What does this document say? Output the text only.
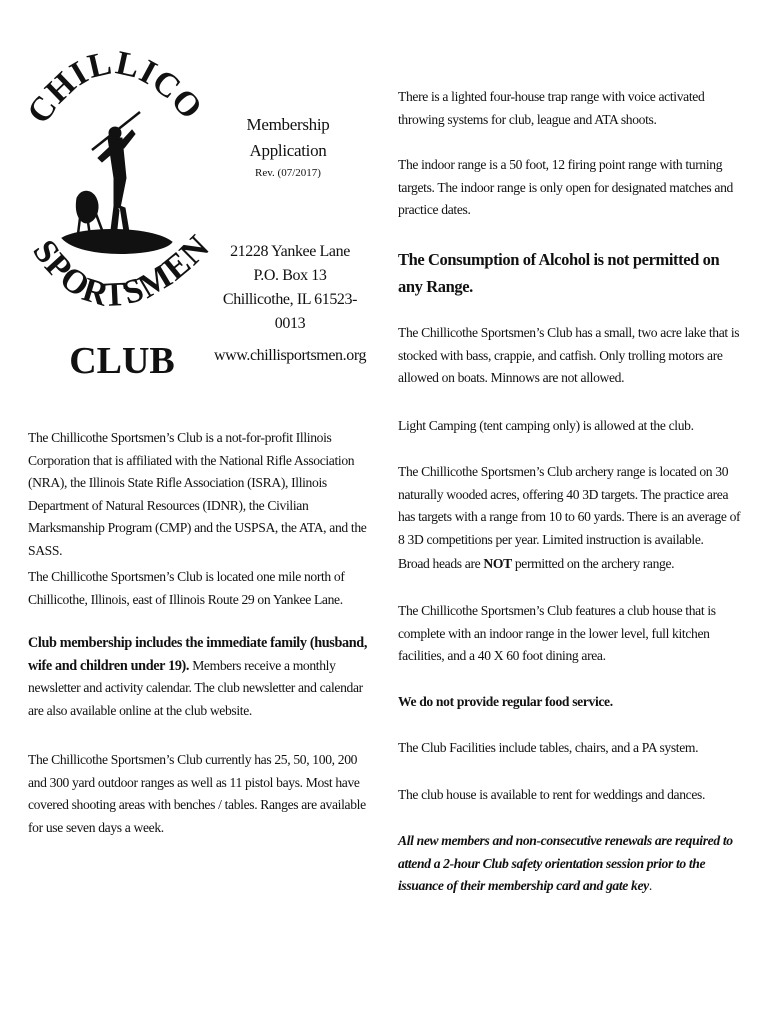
CHILLICO
SPORTSMEN
CLUB
Membership
Application
Rev. (07/2017)
21228 Yankee Lane
P.O. Box 13
Chillicothe, IL 61523-0013
www.chillisportsmen.org

The Chillicothe Sportsmen’s Club is a not-for-profit Illinois Corporation that is affiliated with the National Rifle Association (NRA), the Illinois State Rifle Association (ISRA), Illinois Department of Natural Resources (IDNR), the Civilian Marksmanship Program (CMP) and the USPSA, the ATA, and the SASS.

The Chillicothe Sportsmen’s Club is located one mile north of Chillicothe, Illinois, east of Illinois Route 29 on Yankee Lane.

Club membership includes the immediate family (husband, wife and children under 19). Members receive a monthly newsletter and activity calendar. The club newsletter and calendar are also available online at the club website.

The Chillicothe Sportsmen’s Club currently has 25, 50, 100, 200 and 300 yard outdoor ranges as well as 11 pistol bays. Most have covered shooting areas with benches / tables. Ranges are available for use seven days a week.

There is a lighted four-house trap range with voice activated throwing systems for club, league and ATA shoots.

The indoor range is a 50 foot, 12 firing point range with turning targets. The indoor range is only open for designated matches and practice dates.

The Consumption of Alcohol is not permitted on any Range.

The Chillicothe Sportsmen’s Club has a small, two acre lake that is stocked with bass, crappie, and catfish. Only trolling motors are allowed on boats. Minnows are not allowed.

Light Camping (tent camping only) is allowed at the club.

The Chillicothe Sportsmen’s Club archery range is located on 30 naturally wooded acres, offering 40 3D targets. The practice area has targets with a range from 10 to 60 yards. There is an average of 8 3D competitions per year. Limited instruction is available.

Broad heads are NOT permitted on the archery range.

The Chillicothe Sportsmen’s Club features a club house that is complete with an indoor range in the lower level, full kitchen facilities, and a 40 X 60 foot dining area.

We do not provide regular food service.

The Club Facilities include tables, chairs, and a PA system.

The club house is available to rent for weddings and dances.

All new members and non-consecutive renewals are required to attend a 2-hour Club safety orientation session prior to the issuance of their membership card and gate key.
